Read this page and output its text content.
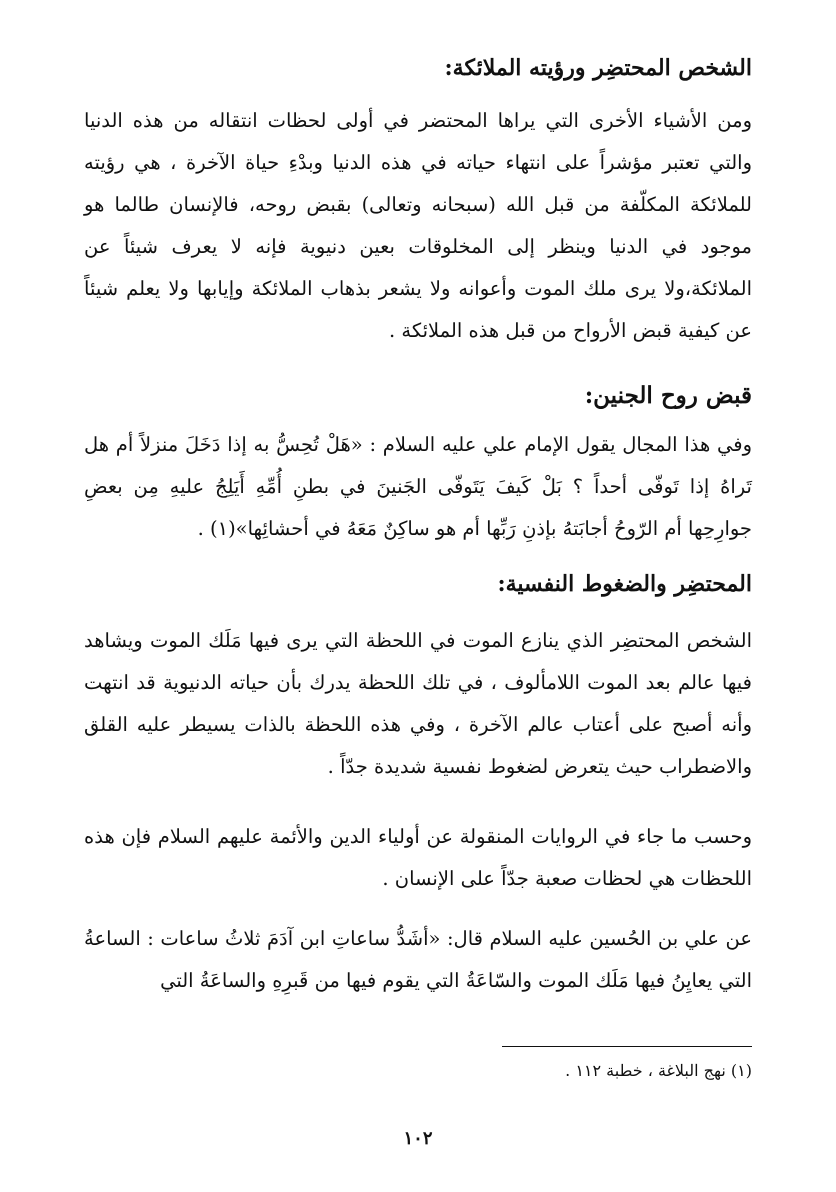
الشخص المحتضِر ورؤيته الملائكة:

ومن الأشياء الأخرى التي يراها المحتضر في أولى لحظات انتقاله من هذه الدنيا والتي تعتبر مؤشراً على انتهاء حياته في هذه الدنيا وبدْءِ حياة الآخرة ، هي رؤيته للملائكة المكلّفة من قبل الله (سبحانه وتعالى) بقبض روحه، فالإنسان طالما هو موجود في الدنيا وينظر إلى المخلوقات بعين دنيوية فإنه لا يعرف شيئاً عن الملائكة،ولا يرى ملك الموت وأعوانه ولا يشعر بذهاب الملائكة وإيابها ولا يعلم شيئاً عن كيفية قبض الأرواح من قبل هذه الملائكة .

قبض روح الجنين:

وفي هذا المجال يقول الإمام علي عليه السلام : «هَلْ تُحِسُّ به إذا دَخَلَ منزلاً أم هل تَراهُ إذا تَوفّى أحداً ؟ بَلْ كَيفَ يَتَوفّى الجَنينَ في بطنِ أُمِّهِ أَيَلِجُ عليهِ مِن بعضِ جوارِحِها أم الرّوحُ أجابَتهُ بإذنِ رَبِّها أم هو ساكِنٌ مَعَهُ في أحشائِها»(١) .

المحتضِر والضغوط النفسية:

الشخص المحتضِر الذي ينازع الموت في اللحظة التي يرى فيها مَلَك الموت ويشاهد فيها عالم بعد الموت اللامألوف ، في تلك اللحظة يدرك بأن حياته الدنيوية قد انتهت وأنه أصبح على أعتاب عالم الآخرة ، وفي هذه اللحظة بالذات يسيطر عليه القلق والاضطراب حيث يتعرض لضغوط نفسية شديدة جدّاً .

وحسب ما جاء في الروايات المنقولة عن أولياء الدين والأئمة عليهم السلام فإن هذه اللحظات هي لحظات صعبة جدّاً على الإنسان .

عن علي بن الحُسين عليه السلام قال: «أشَدُّ ساعاتِ ابن آدَمَ ثلاثُ ساعات : الساعةُ التي يعايِنُ فيها مَلَك الموت والسّاعَةُ التي يقوم فيها من قَبرِهِ والساعَةُ التي

(١) نهج البلاغة ، خطبة ١١٢ .

١٠٢
